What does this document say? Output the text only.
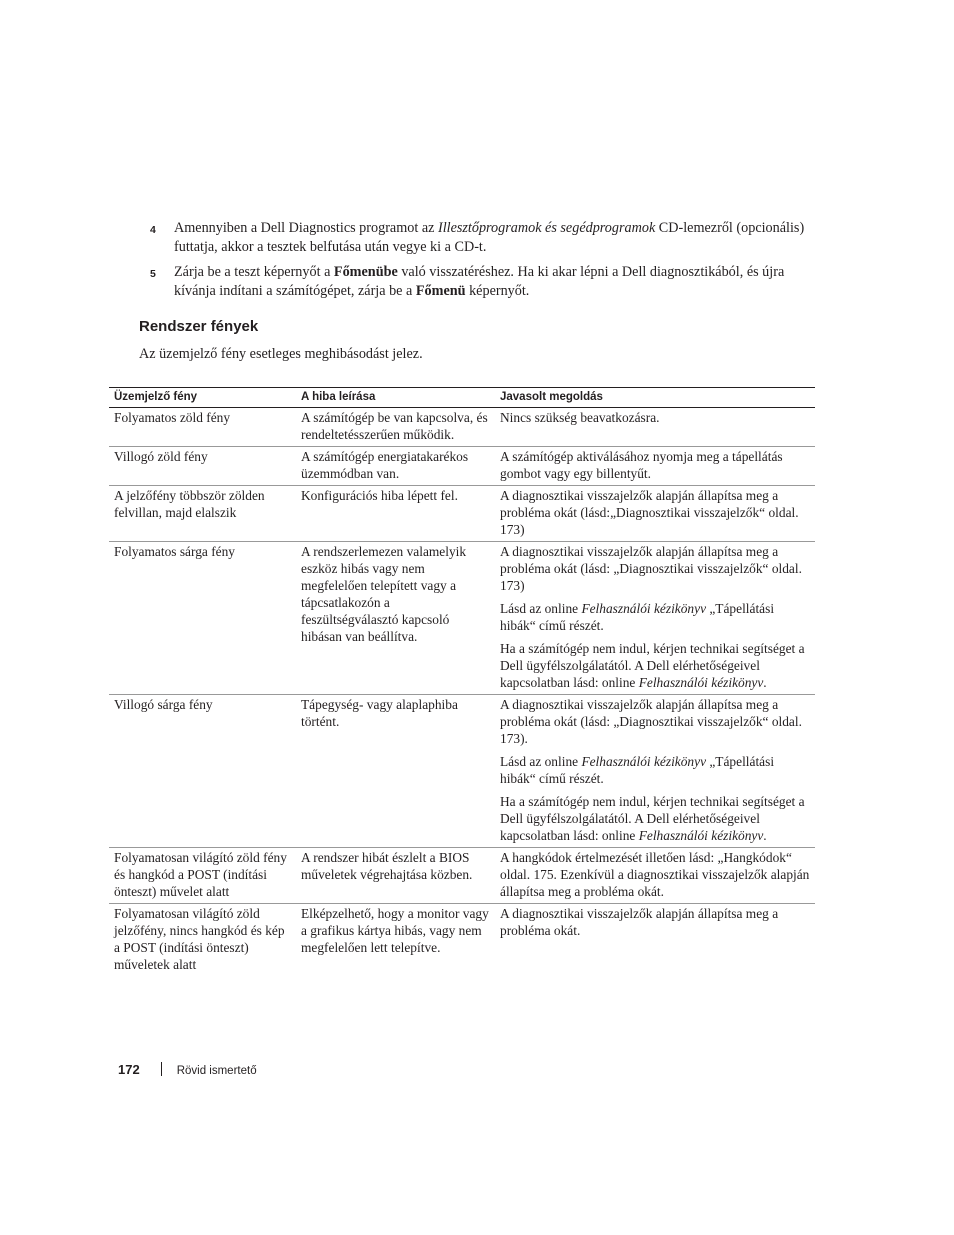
4	Amennyiben a Dell Diagnostics programot az Illesztőprogramok és segédprogramok CD-lemezről (opcionális) futtatja, akkor a tesztek belfutása után vegye ki a CD-t.
5	Zárja be a teszt képernyőt a Főmenübe való visszatéréshez. Ha ki akar lépni a Dell diagnosztikából, és újra kívánja indítani a számítógépet, zárja be a Főmenü képernyőt.
Rendszer fények
Az üzemjelző fény esetleges meghibásodást jelez.
Üzemjelző fény	A hiba leírása	Javasolt megoldás
Folyamatos zöld fény	A számítógép be van kapcsolva, és rendeltetésszerűen működik.	Nincs szükség beavatkozásra.

Villogó zöld fény	A számítógép energiatakarékos üzemmódban van.	A számítógép aktiválásához nyomja meg a tápellátás gombot vagy egy billentyűt.

A jelzőfény többször zölden felvillan, majd elalszik	Konfigurációs hiba lépett fel.	A diagnosztikai visszajelzők alapján állapítsa meg a probléma okát (lásd:„Diagnosztikai visszajelzők“ oldal. 173)

Folyamatos sárga fény	A rendszerlemezen valamelyik eszköz hibás vagy nem megfelelően telepített vagy a tápcsatlakozón a feszültségválasztó kapcsoló hibásan van beállítva.	A diagnosztikai visszajelzők alapján állapítsa meg a probléma okát (lásd: „Diagnosztikai visszajelzők“ oldal. 173)

Lásd az online Felhasználói kézikönyv „Tápellátási hibák“ című részét.

Ha a számítógép nem indul, kérjen technikai segítséget a Dell ügyfélszolgálatától. A Dell elérhetőségeivel kapcsolatban lásd: online Felhasználói kézikönyv.

Villogó sárga fény	Tápegység- vagy alaplaphiba történt.	A diagnosztikai visszajelzők alapján állapítsa meg a probléma okát (lásd: „Diagnosztikai visszajelzők“ oldal. 173).

Lásd az online Felhasználói kézikönyv „Tápellátási hibák“ című részét.

Ha a számítógép nem indul, kérjen technikai segítséget a Dell ügyfélszolgálatától. A Dell elérhetőségeivel kapcsolatban lásd: online Felhasználói kézikönyv.

Folyamatosan világító zöld fény és hangkód a POST (indítási önteszt) művelet alatt	A rendszer hibát észlelt a BIOS műveletek végrehajtása közben.	A hangkódok értelmezését illetően lásd: „Hangkódok“ oldal. 175. Ezenkívül a diagnosztikai visszajelzők alapján állapítsa meg a probléma okát.

Folyamatosan világító zöld jelzőfény, nincs hangkód és kép a POST (indítási önteszt) műveletek alatt	Elképzelhető, hogy a monitor vagy a grafikus kártya hibás, vagy nem megfelelően lett telepítve.	A diagnosztikai visszajelzők alapján állapítsa meg a probléma okát.

172	Rövid ismertető
